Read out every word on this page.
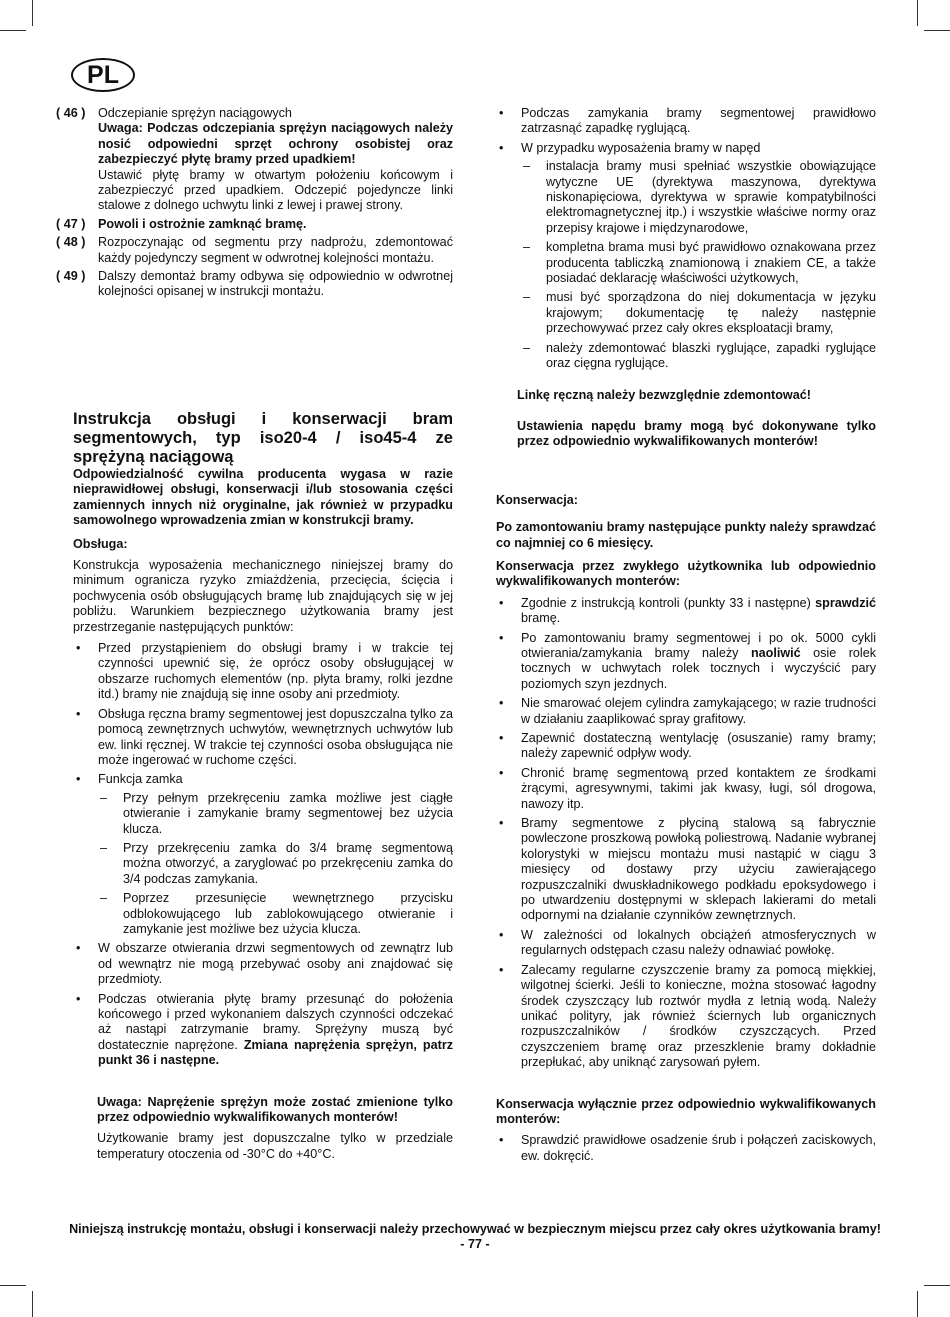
PL
( 46 ) Odczepianie sprężyn naciągowych

Uwaga: Podczas odczepiania sprężyn naciągowych należy nosić odpowiedni sprzęt ochrony osobistej oraz zabezpieczyć płytę bramy przed upadkiem!

Ustawić płytę bramy w otwartym położeniu końcowym i zabezpieczyć przed upadkiem. Odczepić pojedyncze linki stalowe z dolnego uchwytu linki z lewej i prawej strony.

( 47 ) Powoli i ostrożnie zamknąć bramę.

( 48 ) Rozpoczynając od segmentu przy nadprożu, zdemontować każdy pojedynczy segment w odwrotnej kolejności montażu.

( 49 ) Dalszy demontaż bramy odbywa się odpowiednio w odwrotnej kolejności opisanej w instrukcji montażu.

Instrukcja obsługi i konserwacji bram segmentowych, typ iso20-4 / iso45-4 ze sprężyną naciągową

Odpowiedzialność cywilna producenta wygasa w razie nieprawidłowej obsługi, konserwacji i/lub stosowania części zamiennych innych niż oryginalne, jak również w przypadku samowolnego wprowadzenia zmian w konstrukcji bramy.

Obsługa:

Konstrukcja wyposażenia mechanicznego niniejszej bramy do minimum ogranicza ryzyko zmiażdżenia, przecięcia, ścięcia i pochwycenia osób obsługujących bramę lub znajdujących się w jej pobliżu. Warunkiem bezpiecznego użytkowania bramy jest przestrzeganie następujących punktów:

• Przed przystąpieniem do obsługi bramy i w trakcie tej czynności upewnić się, że oprócz osoby obsługującej w obszarze ruchomych elementów (np. płyta bramy, rolki jezdne itd.) bramy nie znajdują się inne osoby ani przedmioty.
• Obsługa ręczna bramy segmentowej jest dopuszczalna tylko za pomocą zewnętrznych uchwytów, wewnętrznych uchwytów lub ew. linki ręcznej. W trakcie tej czynności osoba obsługująca nie może ingerować w ruchome części.
• Funkcja zamka
– Przy pełnym przekręceniu zamka możliwe jest ciągłe otwieranie i zamykanie bramy segmentowej bez użycia klucza.
– Przy przekręceniu zamka do 3/4 bramę segmentową można otworzyć, a zaryglować po przekręceniu zamka do 3/4 podczas zamykania.
– Poprzez przesunięcie wewnętrznego przycisku odblokowującego lub zablokowującego otwieranie i zamykanie jest możliwe bez użycia klucza.
• W obszarze otwierania drzwi segmentowych od zewnątrz lub od wewnątrz nie mogą przebywać osoby ani znajdować się przedmioty.
• Podczas otwierania płytę bramy przesunąć do położenia końcowego i przed wykonaniem dalszych czynności odczekać aż nastąpi zatrzymanie bramy. Sprężyny muszą być dostatecznie naprężone. Zmiana naprężenia sprężyn, patrz punkt 36 i następne.

Uwaga: Naprężenie sprężyn może zostać zmienione tylko przez odpowiednio wykwalifikowanych monterów!

Użytkowanie bramy jest dopuszczalne tylko w przedziale temperatury otoczenia od -30°C do +40°C.

• Podczas zamykania bramy segmentowej prawidłowo zatrzasnąć zapadkę ryglującą.
• W przypadku wyposażenia bramy w napęd
– instalacja bramy musi spełniać wszystkie obowiązujące wytyczne UE (dyrektywa maszynowa, dyrektywa niskonapięciowa, dyrektywa w sprawie kompatybilności elektromagnetycznej itp.) i wszystkie właściwe normy oraz przepisy krajowe i międzynarodowe,
– kompletna brama musi być prawidłowo oznakowana przez producenta tabliczką znamionową i znakiem CE, a także posiadać deklarację właściwości użytkowych,
– musi być sporządzona do niej dokumentacja w języku krajowym; dokumentację tę należy następnie przechowywać przez cały okres eksploatacji bramy,
– należy zdemontować blaszki ryglujące, zapadki ryglujące oraz cięgna ryglujące.

Linkę ręczną należy bezwzględnie zdemontować!

Ustawienia napędu bramy mogą być dokonywane tylko przez odpowiednio wykwalifikowanych monterów!

Konserwacja:

Po zamontowaniu bramy następujące punkty należy sprawdzać co najmniej co 6 miesięcy.

Konserwacja przez zwykłego użytkownika lub odpowiednio wykwalifikowanych monterów:

• Zgodnie z instrukcją kontroli (punkty 33 i następne) sprawdzić bramę.
• Po zamontowaniu bramy segmentowej i po ok. 5000 cykli otwierania/zamykania bramy należy naoliwić osie rolek tocznych w uchwytach rolek tocznych i wyczyścić pary poziomych szyn jezdnych.
• Nie smarować olejem cylindra zamykającego; w razie trudności w działaniu zaaplikować spray grafitowy.
• Zapewnić dostateczną wentylację (osuszanie) ramy bramy; należy zapewnić odpływ wody.
• Chronić bramę segmentową przed kontaktem ze środkami żrącymi, agresywnymi, takimi jak kwasy, ługi, sól drogowa, nawozy itp.
• Bramy segmentowe z płyciną stalową są fabrycznie powleczone proszkową powłoką poliestrową. Nadanie wybranej kolorystyki w miejscu montażu musi nastąpić w ciągu 3 miesięcy od dostawy przy użyciu zawierającego rozpuszczalniki dwuskładnikowego podkładu epoksydowego i po utwardzeniu dostępnymi w sklepach lakierami do metali odpornymi na działanie czynników zewnętrznych.
• W zależności od lokalnych obciążeń atmosferycznych w regularnych odstępach czasu należy odnawiać powłokę.
• Zalecamy regularne czyszczenie bramy za pomocą miękkiej, wilgotnej ścierki. Jeśli to konieczne, można stosować łagodny środek czyszczący lub roztwór mydła z letnią wodą. Należy unikać polityry, jak również ściernych lub organicznych rozpuszczalników / środków czyszczących. Przed czyszczeniem bramę oraz przeszklenie bramy dokładnie przepłukać, aby uniknąć zarysowań pyłem.

Konserwacja wyłącznie przez odpowiednio wykwalifikowanych monterów:

• Sprawdzić prawidłowe osadzenie śrub i połączeń zaciskowych, ew. dokręcić.

Niniejszą instrukcję montażu, obsługi i konserwacji należy przechowywać w bezpiecznym miejscu przez cały okres użytkowania bramy!

- 77 -
